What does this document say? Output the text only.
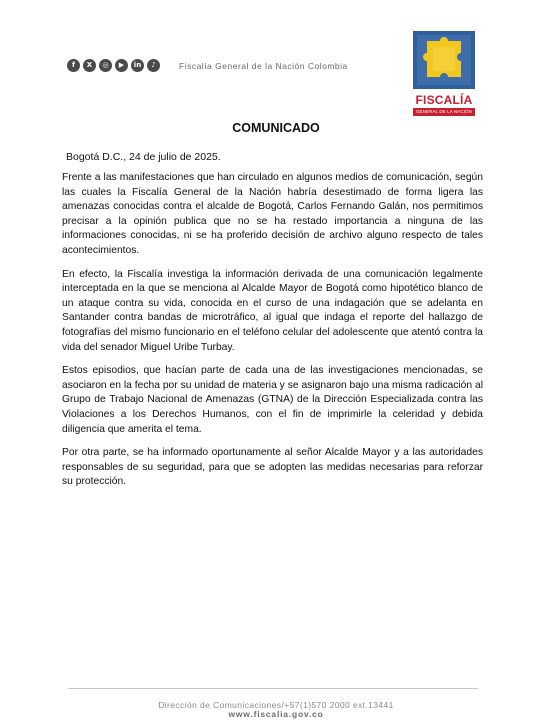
f	X	◎	▶	in	♪	Fiscalía General de la Nación Colombia
FISCALÍA
GENERAL DE LA NACIÓN
COMUNICADO
Bogotá D.C., 24 de julio de 2025.

Frente a las manifestaciones que han circulado en algunos medios de comunicación, según las cuales la Fiscalía General de la Nación habría desestimado de forma ligera las amenazas conocidas contra el alcalde de Bogotá, Carlos Fernando Galán, nos permitimos precisar a la opinión publica que no se ha restado importancia a ninguna de las informaciones conocidas, ni se ha proferido decisión de archivo alguno respecto de tales acontecimientos.

En efecto, la Fiscalía investiga la información derivada de una comunicación legalmente interceptada en la que se menciona al Alcalde Mayor de Bogotá como hipotético blanco de un ataque contra su vida, conocida en el curso de una indagación que se adelanta en Santander contra bandas de microtráfico, al igual que indaga el reporte del hallazgo de fotografías del mismo funcionario en el teléfono celular del adolescente que atentó contra la vida del senador Miguel Uribe Turbay.

Estos episodios, que hacían parte de cada una de las investigaciones mencionadas, se asociaron en la fecha por su unidad de materia y se asignaron bajo una misma radicación al Grupo de Trabajo Nacional de Amenazas (GTNA) de la Dirección Especializada contra las Violaciones a los Derechos Humanos, con el fin de imprimirle la celeridad y debida diligencia que amerita el tema.

Por otra parte, se ha informado oportunamente al señor Alcalde Mayor y a las autoridades responsables de su seguridad, para que se adopten las medidas necesarias para reforzar su protección.

Dirección de Comunicaciones/+57(1)570 2000 ext.13441
www.fiscalia.gov.co
